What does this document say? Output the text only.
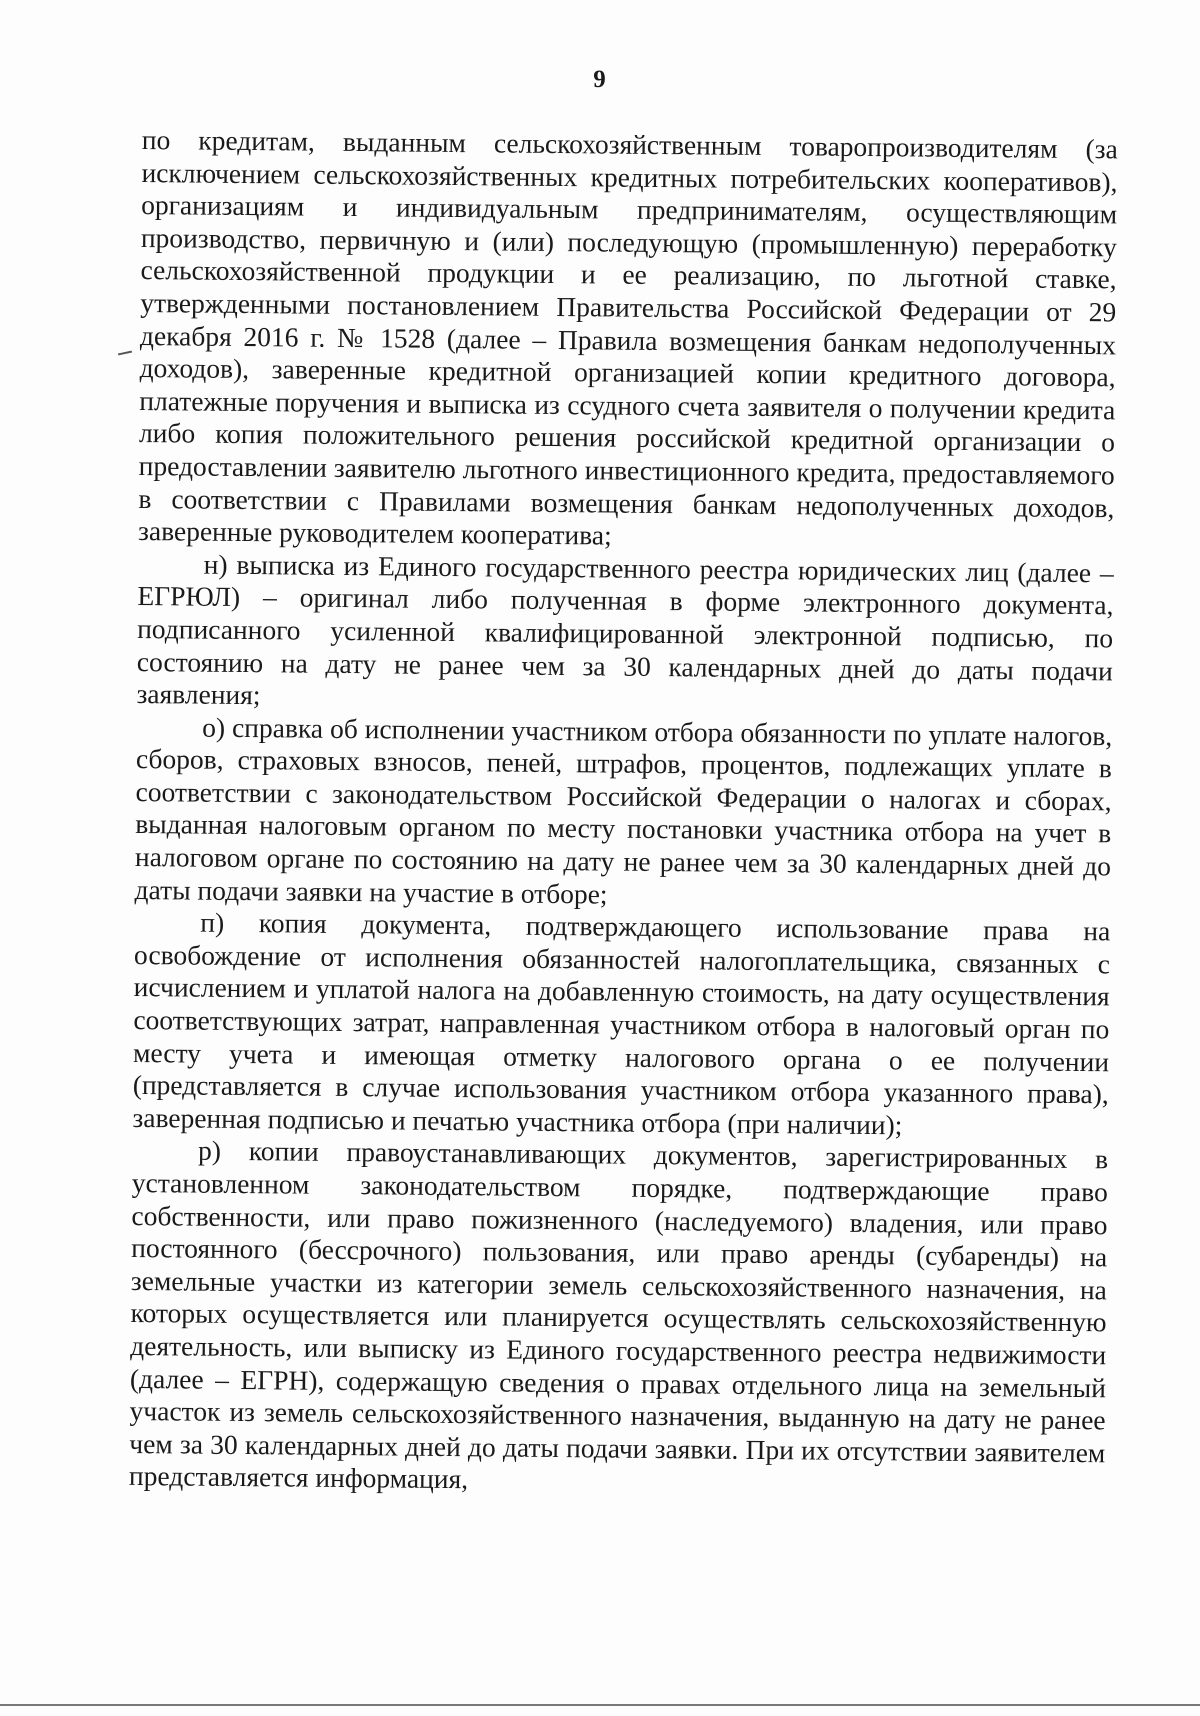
9

по кредитам, выданным сельскохозяйственным товаропроизводителям (за исключением сельскохозяйственных кредитных потребительских кооперативов), организациям и индивидуальным предпринимателям, осуществляющим производство, первичную и (или) последующую (промышленную) переработку сельскохозяйственной продукции и ее реализацию, по льготной ставке, утвержденными постановлением Правительства Российской Федерации от 29 декабря 2016 г. № 1528 (далее – Правила возмещения банкам недополученных доходов), заверенные кредитной организацией копии кредитного договора, платежные поручения и выписка из ссудного счета заявителя о получении кредита либо копия положительного решения российской кредитной организации о предоставлении заявителю льготного инвестиционного кредита, предоставляемого в соответствии с Правилами возмещения банкам недополученных доходов, заверенные руководителем кооператива;

н) выписка из Единого государственного реестра юридических лиц (далее – ЕГРЮЛ) – оригинал либо полученная в форме электронного документа, подписанного усиленной квалифицированной электронной подписью, по состоянию на дату не ранее чем за 30 календарных дней до даты подачи заявления;

о) справка об исполнении участником отбора обязанности по уплате налогов, сборов, страховых взносов, пеней, штрафов, процентов, подлежащих уплате в соответствии с законодательством Российской Федерации о налогах и сборах, выданная налоговым органом по месту постановки участника отбора на учет в налоговом органе по состоянию на дату не ранее чем за 30 календарных дней до даты подачи заявки на участие в отборе;

п) копия документа, подтверждающего использование права на освобождение от исполнения обязанностей налогоплательщика, связанных с исчислением и уплатой налога на добавленную стоимость, на дату осуществления соответствующих затрат, направленная участником отбора в налоговый орган по месту учета и имеющая отметку налогового органа о ее получении (представляется в случае использования участником отбора указанного права), заверенная подписью и печатью участника отбора (при наличии);

р) копии правоустанавливающих документов, зарегистрированных в установленном законодательством порядке, подтверждающие право собственности, или право пожизненного (наследуемого) владения, или право постоянного (бессрочного) пользования, или право аренды (субаренды) на земельные участки из категории земель сельскохозяйственного назначения, на которых осуществляется или планируется осуществлять сельскохозяйственную деятельность, или выписку из Единого государственного реестра недвижимости (далее – ЕГРН), содержащую сведения о правах отдельного лица на земельный участок из земель сельскохозяйственного назначения, выданную на дату не ранее чем за 30 календарных дней до даты подачи заявки. При их отсутствии заявителем представляется информация,
